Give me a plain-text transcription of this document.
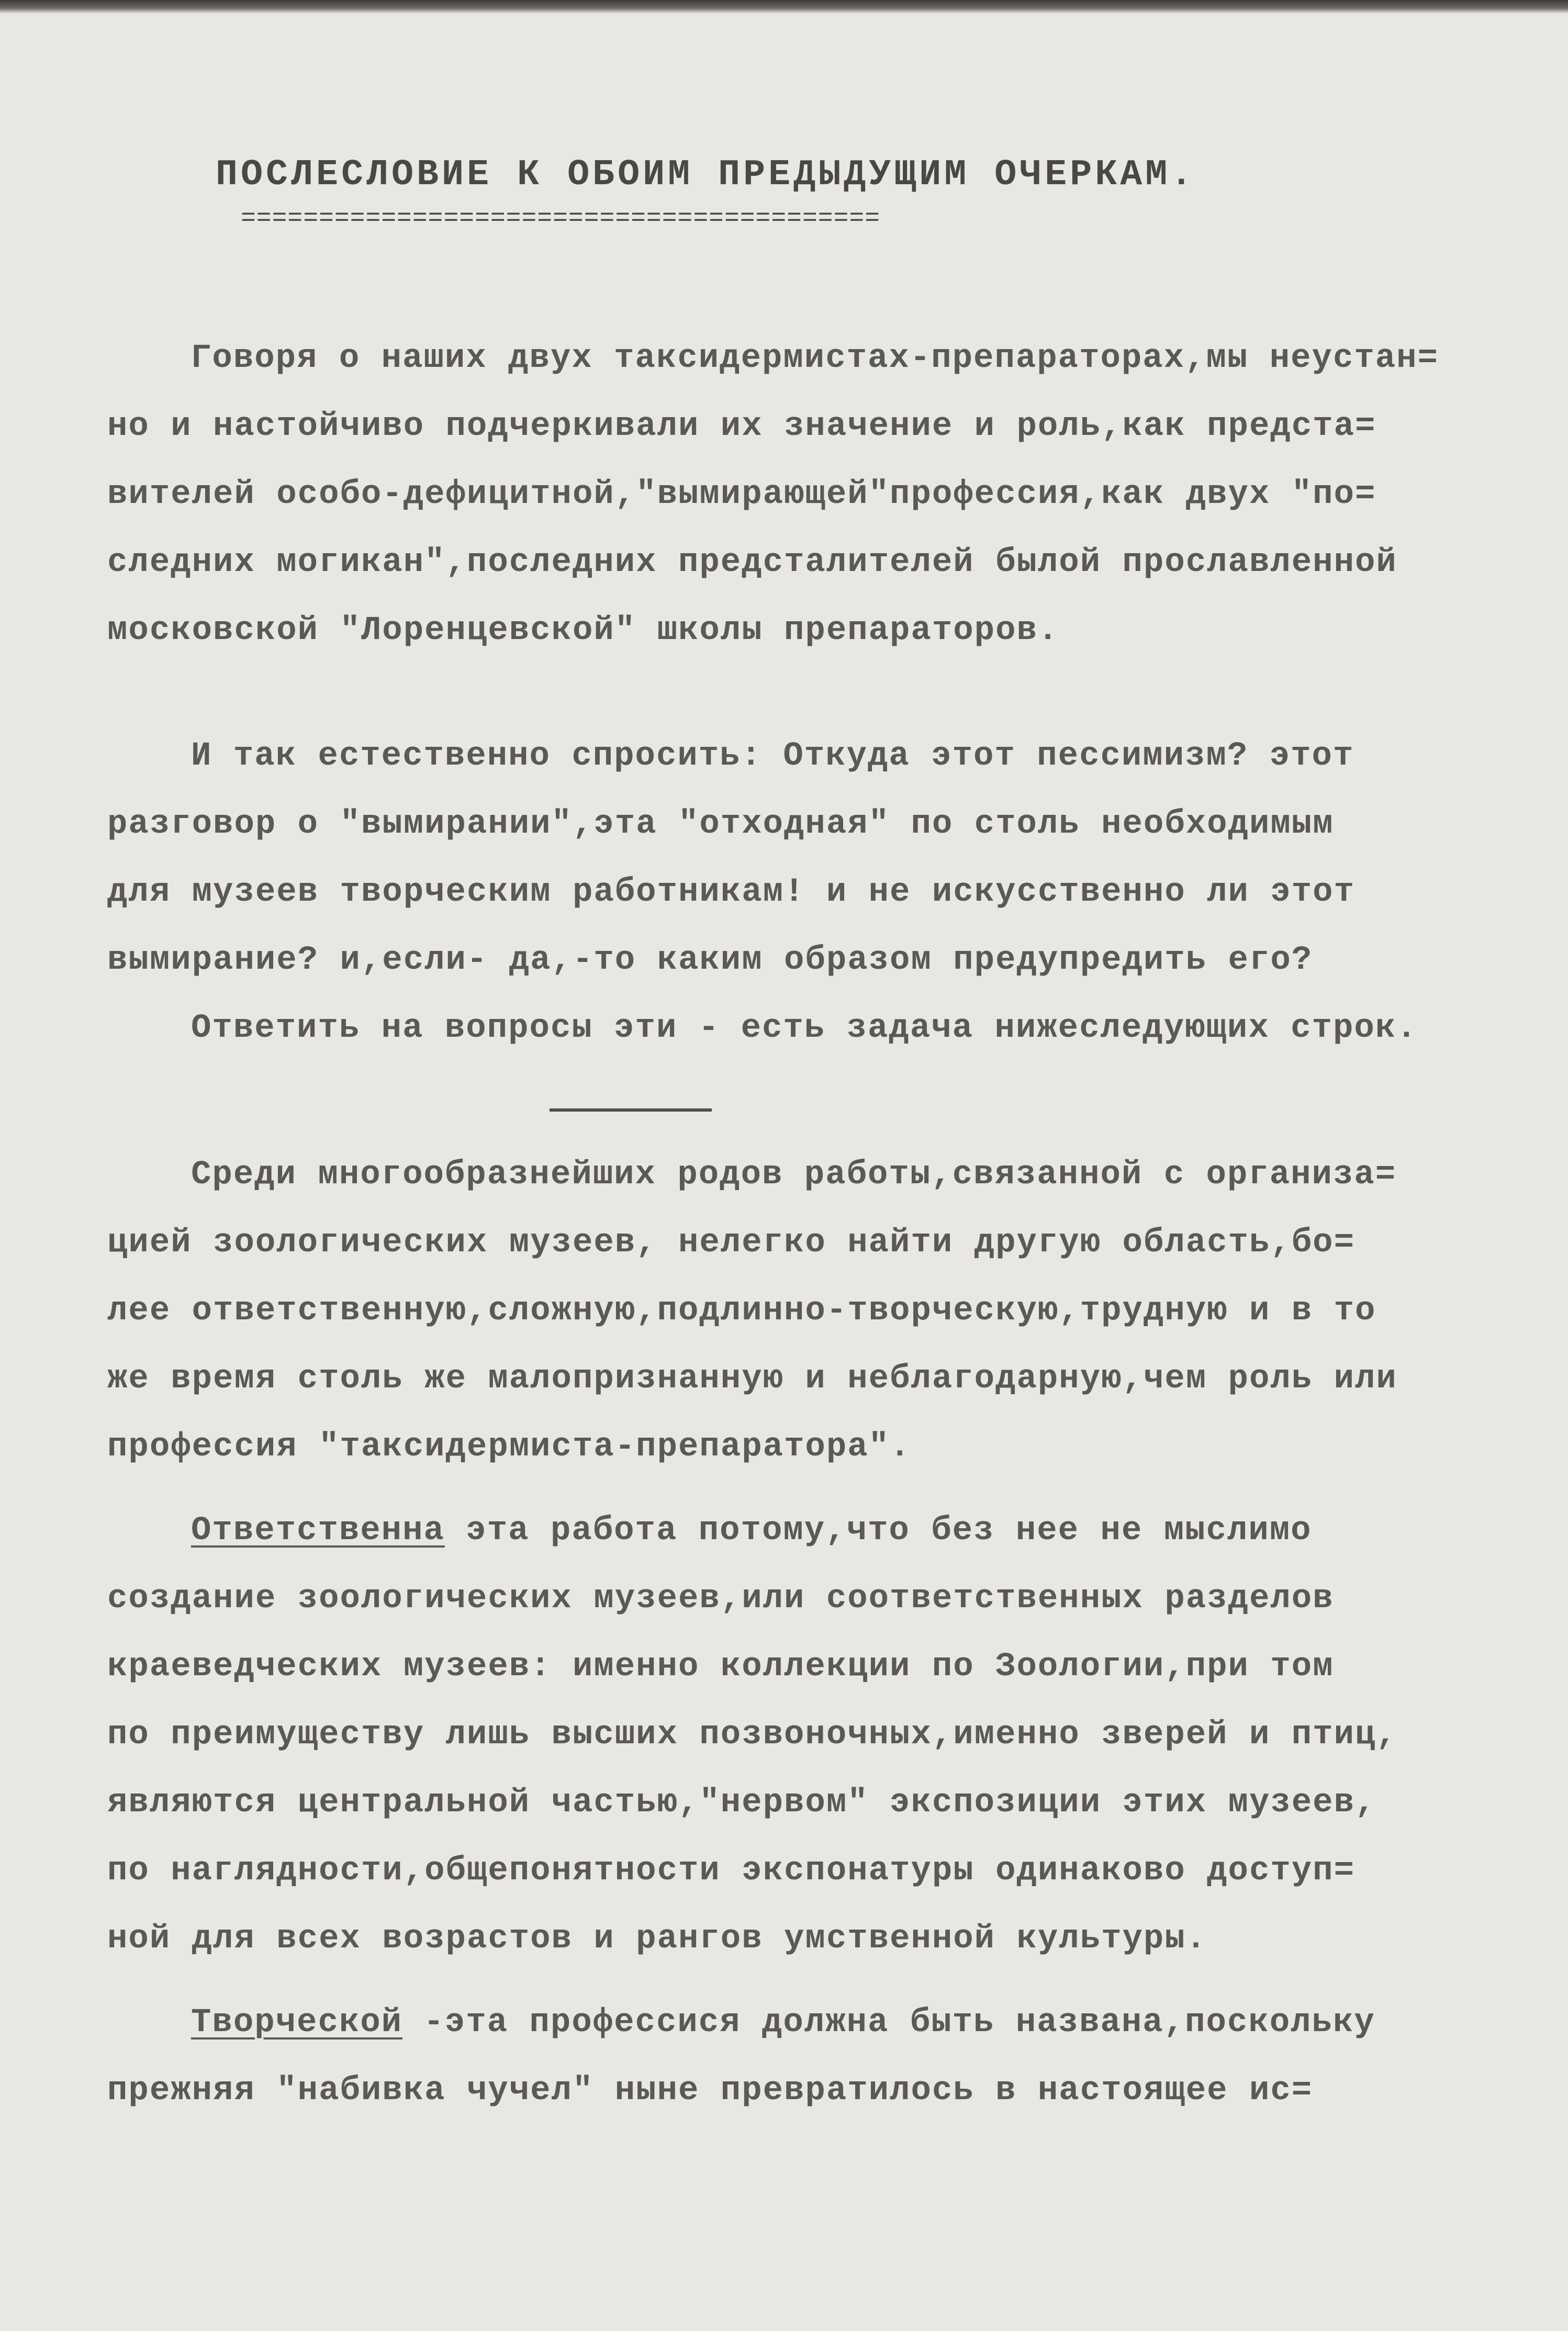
ПОСЛЕСЛОВИЕ К ОБОИМ ПРЕДЫДУЩИМ ОЧЕРКАМ.
=========================================
Говоря о наших двух таксидермистах-препараторах,мы неустан=
но и настойчиво подчеркивали их значение и роль,как предста=
вителей особо-дефицитной,"вымирающей"профессия,как двух "по=
следних могикан",последних предсталителей былой прославленной
московской "Лоренцевской" школы препараторов.
И так естественно спросить: Откуда этот пессимизм? этот
разговор о "вымирании",эта "отходная" по столь необходимым
для музеев творческим работникам! и не искусственно ли этот
вымирание? и,если- да,-то каким образом предупредить его?
Ответить на вопросы эти - есть задача нижеследующих строк.
Среди многообразнейших родов работы,связанной с организа=
цией зоологических музеев, нелегко найти другую область,бо=
лее ответственную,сложную,подлинно-творческую,трудную и в то
же время столь же малопризнанную и неблагодарную,чем роль или
профессия "таксидермиста-препаратора".
Ответственна эта работа потому,что без нее не мыслимо
создание зоологических музеев,или соответственных разделов
краеведческих музеев: именно коллекции по Зоологии,при том
по преимуществу лишь высших позвоночных,именно зверей и птиц,
являются центральной частью,"нервом" экспозиции этих музеев,
по наглядности,общепонятности экспонатуры одинаково доступ=
ной для всех возрастов и рангов умственной культуры.
Творческой -эта профессися должна быть названа,поскольку
прежняя "набивка чучел" ныне превратилось в настоящее ис=
